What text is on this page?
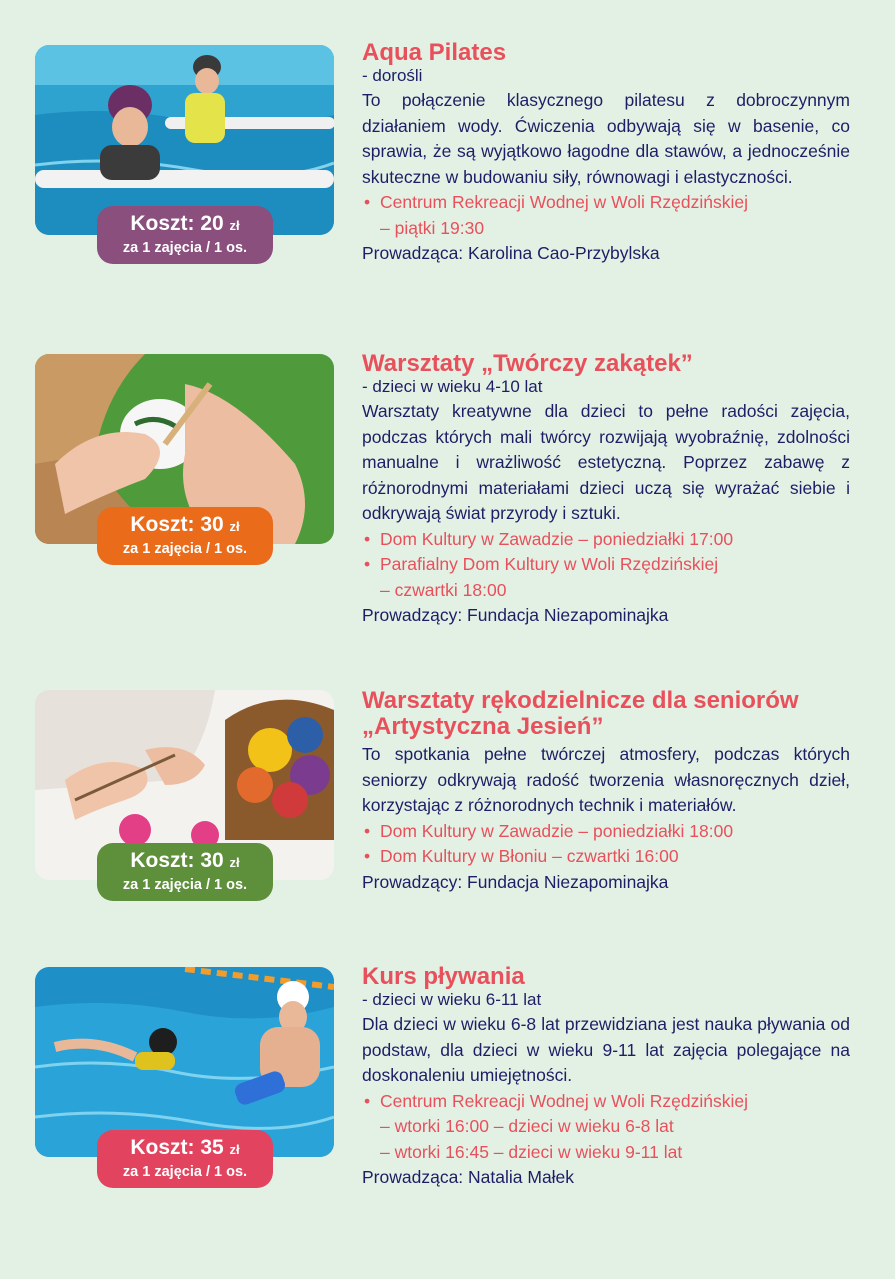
Koszt: 20 zł
za 1 zajęcia / 1 os.
Aqua Pilates
- dorośli

To połączenie klasycznego pilatesu z dobroczynnym działaniem wody. Ćwiczenia odbywają się w basenie, co sprawia, że są wyjątkowo łagodne dla stawów, a jednocześnie skuteczne w budowaniu siły, równowagi i elastyczności.

• Centrum Rekreacji Wodnej w Woli Rzędzińskiej
– piątki 19:30
Prowadząca: Karolina Cao-Przybylska
Koszt: 30 zł
za 1 zajęcia / 1 os.
Warsztaty „Twórczy zakątek”
- dzieci w wieku 4-10 lat

Warsztaty kreatywne dla dzieci to pełne radości zajęcia, podczas których mali twórcy rozwijają wyobraźnię, zdolności manualne i wrażliwość estetyczną. Poprzez zabawę z różnorodnymi materiałami dzieci uczą się wyrażać siebie i odkrywają świat przyrody i sztuki.

• Dom Kultury w Zawadzie – poniedziałki 17:00
• Parafialny Dom Kultury w Woli Rzędzińskiej
– czwartki 18:00
Prowadzący: Fundacja Niezapominajka
Koszt: 30 zł
za 1 zajęcia / 1 os.
Warsztaty rękodzielnicze dla seniorów
„Artystyczna Jesień”

To spotkania pełne twórczej atmosfery, podczas których seniorzy odkrywają radość tworzenia własnoręcznych dzieł, korzystając z różnorodnych technik i materiałów.

• Dom Kultury w Zawadzie – poniedziałki 18:00
• Dom Kultury w Błoniu – czwartki 16:00
Prowadzący: Fundacja Niezapominajka
Koszt: 35 zł
za 1 zajęcia / 1 os.
Kurs pływania
- dzieci w wieku 6-11 lat

Dla dzieci w wieku 6-8 lat przewidziana jest nauka pływania od podstaw, dla dzieci w wieku 9-11 lat zajęcia polegające na doskonaleniu umiejętności.

• Centrum Rekreacji Wodnej w Woli Rzędzińskiej
– wtorki 16:00 – dzieci w wieku 6-8 lat
– wtorki 16:45 – dzieci w wieku 9-11 lat
Prowadząca: Natalia Małek
